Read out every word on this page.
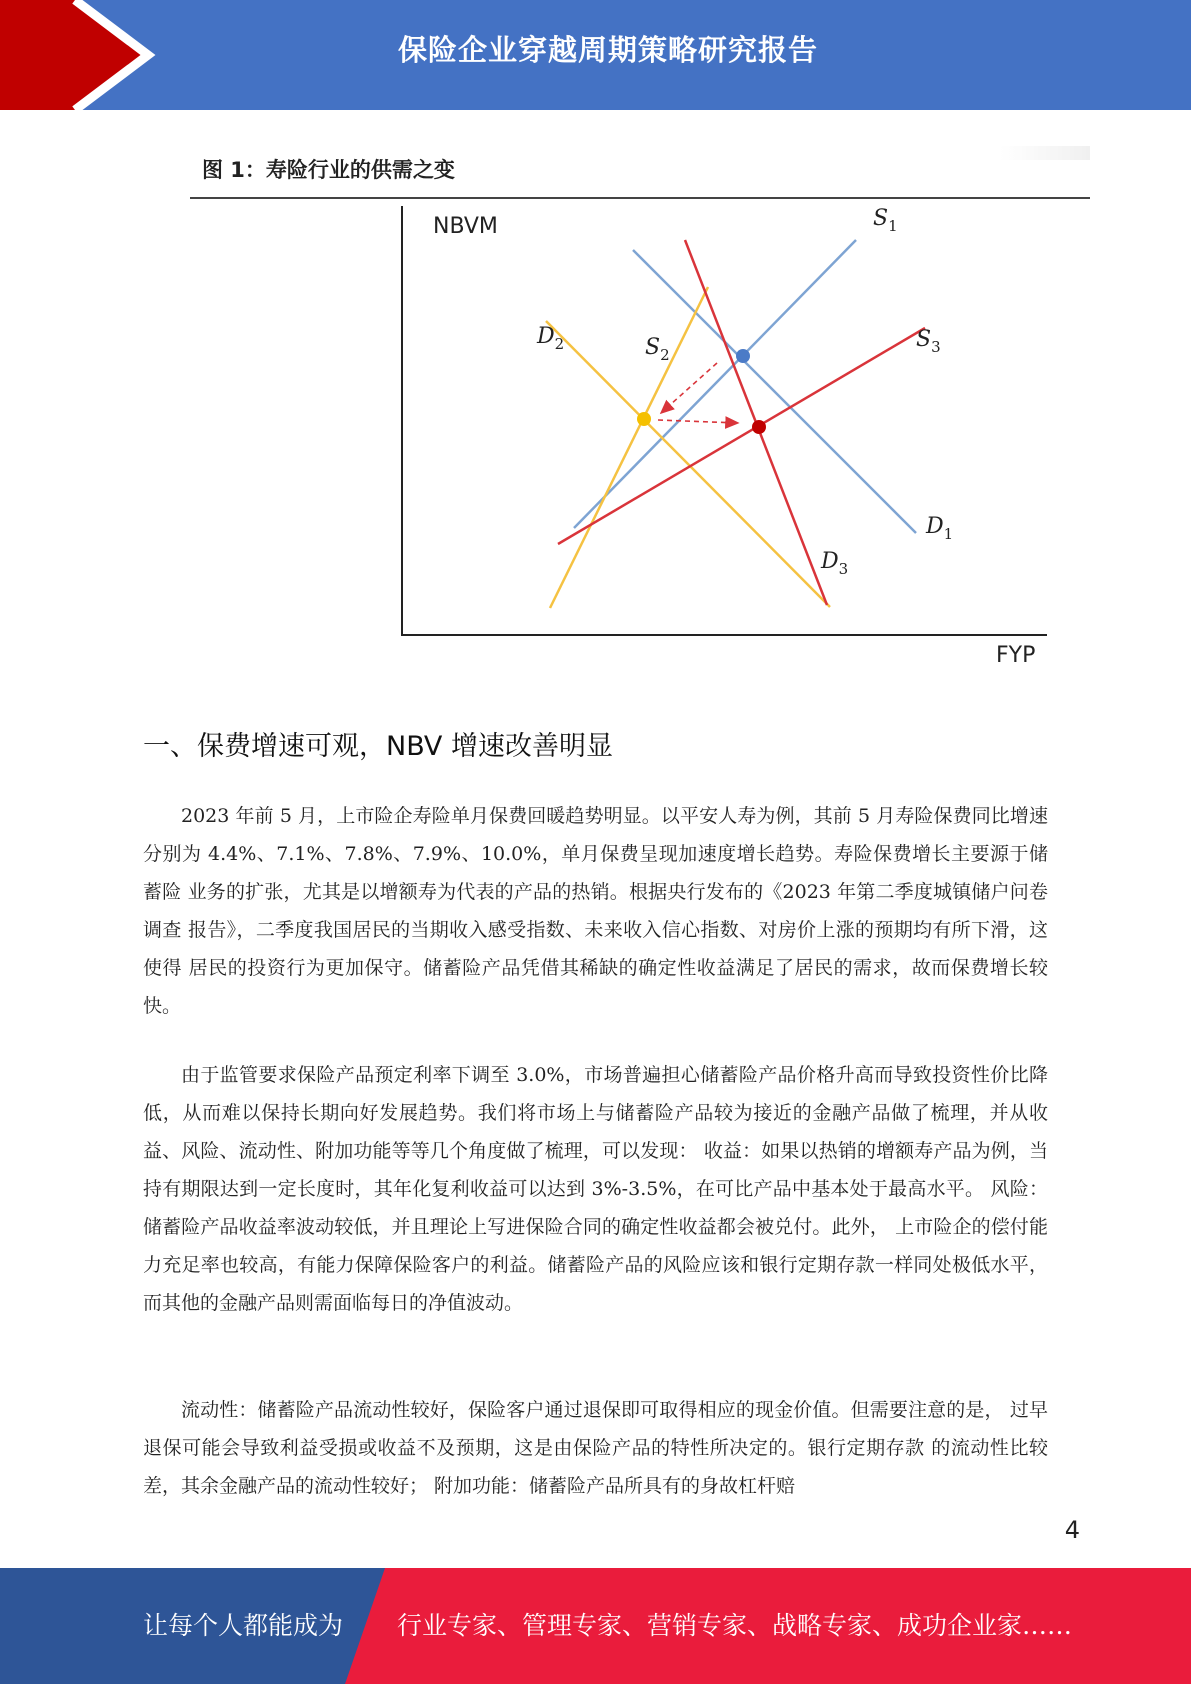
保险企业穿越周期策略研究报告
图 1：寿险行业的供需之变
NBVM
FYP
S1
S3
S2
D2
D1
D3
一、保费增速可观，NBV 增速改善明显

2023 年前 5 月，上市险企寿险单月保费回暖趋势明显。以平安人寿为例，其前 5 月寿险保费同比增速 分别为 4.4%、7.1%、7.8%、7.9%、10.0%，单月保费呈现加速度增长趋势。寿险保费增长主要源于储蓄险 业务的扩张，尤其是以增额寿为代表的产品的热销。根据央行发布的《2023 年第二季度城镇储户问卷调查 报告》，二季度我国居民的当期收入感受指数、未来收入信心指数、对房价上涨的预期均有所下滑，这使得 居民的投资行为更加保守。储蓄险产品凭借其稀缺的确定性收益满足了居民的需求，故而保费增长较快。

由于监管要求保险产品预定利率下调至 3.0%，市场普遍担心储蓄险产品价格升高而导致投资性价比降 低，从而难以保持长期向好发展趋势。我们将市场上与储蓄险产品较为接近的金融产品做了梳理，并从收 益、风险、流动性、附加功能等等几个角度做了梳理，可以发现： 收益：如果以热销的增额寿产品为例，当持有期限达到一定长度时，其年化复利收益可以达到 3%-3.5%，在可比产品中基本处于最高水平。 风险：储蓄险产品收益率波动较低，并且理论上写进保险合同的确定性收益都会被兑付。此外， 上市险企的偿付能力充足率也较高，有能力保障保险客户的利益。储蓄险产品的风险应该和银行定期存款一样同处极低水平，而其他的金融产品则需面临每日的净值波动。

流动性：储蓄险产品流动性较好，保险客户通过退保即可取得相应的现金价值。但需要注意的是， 过早退保可能会导致利益受损或收益不及预期，这是由保险产品的特性所决定的。银行定期存款 的流动性比较差，其余金融产品的流动性较好； 附加功能：储蓄险产品所具有的身故杠杆赔

4
让每个人都能成为 行业专家、管理专家、营销专家、战略专家、成功企业家……
